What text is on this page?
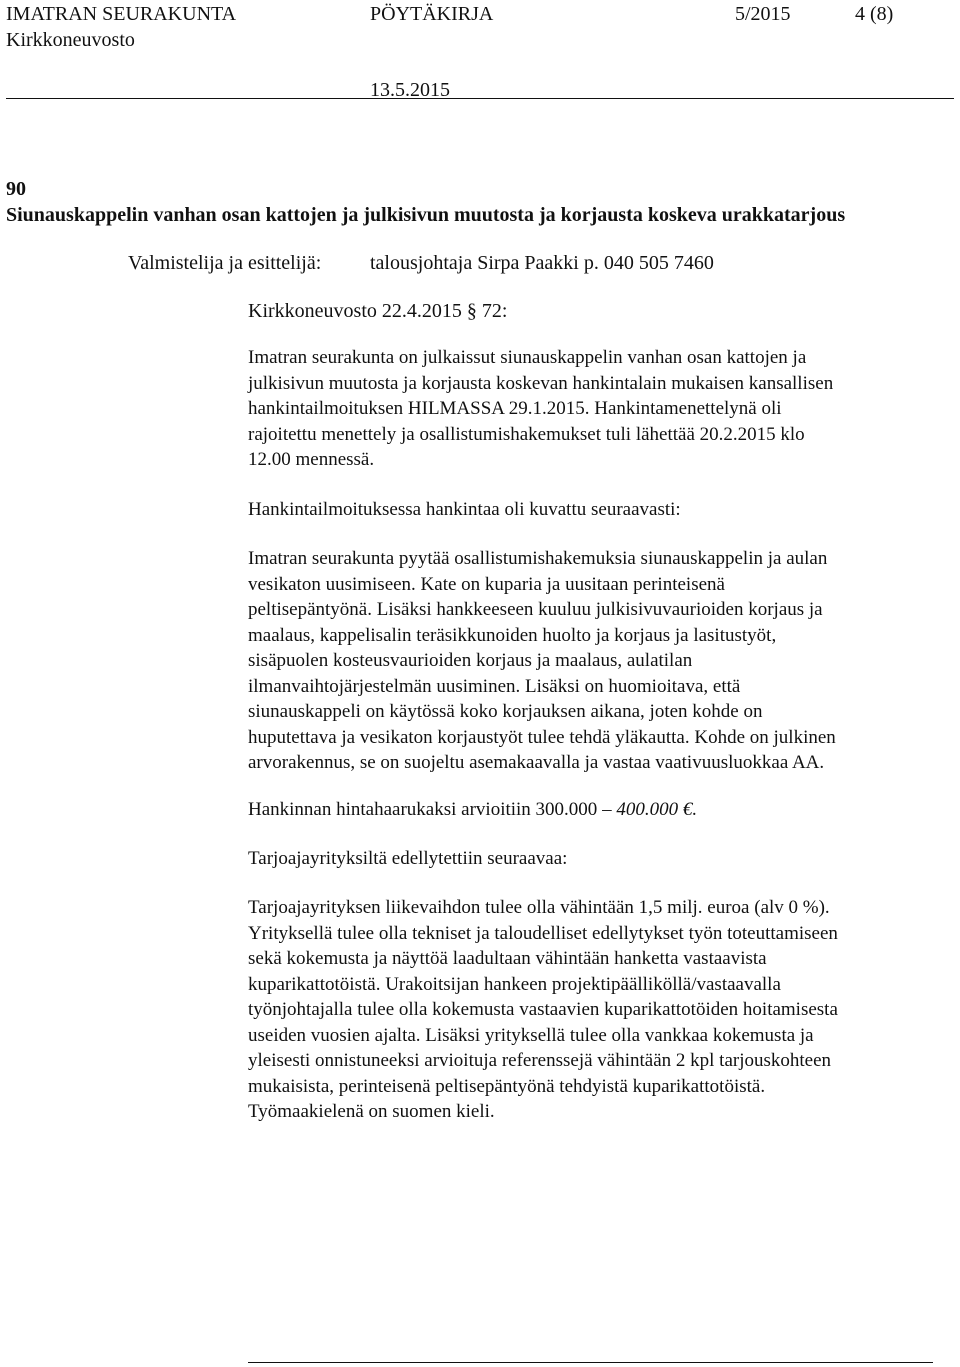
IMATRAN SEURAKUNTA	PÖYTÄKIRJA	5/2015	4 (8)
Kirkkoneuvosto
13.5.2015
90
Siunauskappelin vanhan osan kattojen ja julkisivun muutosta ja korjausta koskeva urakkatarjous
Valmistelija ja esittelijä: talousjohtaja Sirpa Paakki p. 040 505 7460
Kirkkoneuvosto 22.4.2015 § 72:

Imatran seurakunta on julkaissut siunauskappelin vanhan osan kattojen ja

julkisivun muutosta ja korjausta koskevan hankintalain mukaisen kansallisen

hankintailmoituksen HILMASSA 29.1.2015. Hankintamenettelynä oli

rajoitettu menettely ja osallistumishakemukset tuli lähettää 20.2.2015 klo

12.00 mennessä.

Hankintailmoituksessa hankintaa oli kuvattu seuraavasti:

Imatran seurakunta pyytää osallistumishakemuksia siunauskappelin ja aulan

vesikaton uusimiseen. Kate on kuparia ja uusitaan perinteisenä

peltisepäntyönä. Lisäksi hankkeeseen kuuluu julkisivuvaurioiden korjaus ja

maalaus, kappelisalin teräsikkunoiden huolto ja korjaus ja lasitustyöt,

sisäpuolen kosteusvaurioiden korjaus ja maalaus, aulatilan

ilmanvaihtojärjestelmän uusiminen. Lisäksi on huomioitava, että

siunauskappeli on käytössä koko korjauksen aikana, joten kohde on

huputettava ja vesikaton korjaustyöt tulee tehdä yläkautta. Kohde on julkinen

arvorakennus, se on suojeltu asemakaavalla ja vastaa vaativuusluokkaa AA.

Hankinnan hintahaarukaksi arvioitiin 300.000 – 400.000 €.
Tarjoajayrityksiltä edellytettiin seuraavaa:

Tarjoajayrityksen liikevaihdon tulee olla vähintään 1,5 milj. euroa (alv 0 %).

Yrityksellä tulee olla tekniset ja taloudelliset edellytykset työn toteuttamiseen

sekä kokemusta ja näyttöä laadultaan vähintään hanketta vastaavista

kuparikattotöistä. Urakoitsijan hankeen projektipäälliköllä/vastaavalla

työnjohtajalla tulee olla kokemusta vastaavien kuparikattotöiden hoitamisesta

useiden vuosien ajalta. Lisäksi yrityksellä tulee olla vankkaa kokemusta ja

yleisesti onnistuneeksi arvioituja referenssejä vähintään 2 kpl tarjouskohteen

mukaisista, perinteisenä peltisepäntyönä tehdyistä kuparikattotöistä.

Työmaakielenä on suomen kieli.
